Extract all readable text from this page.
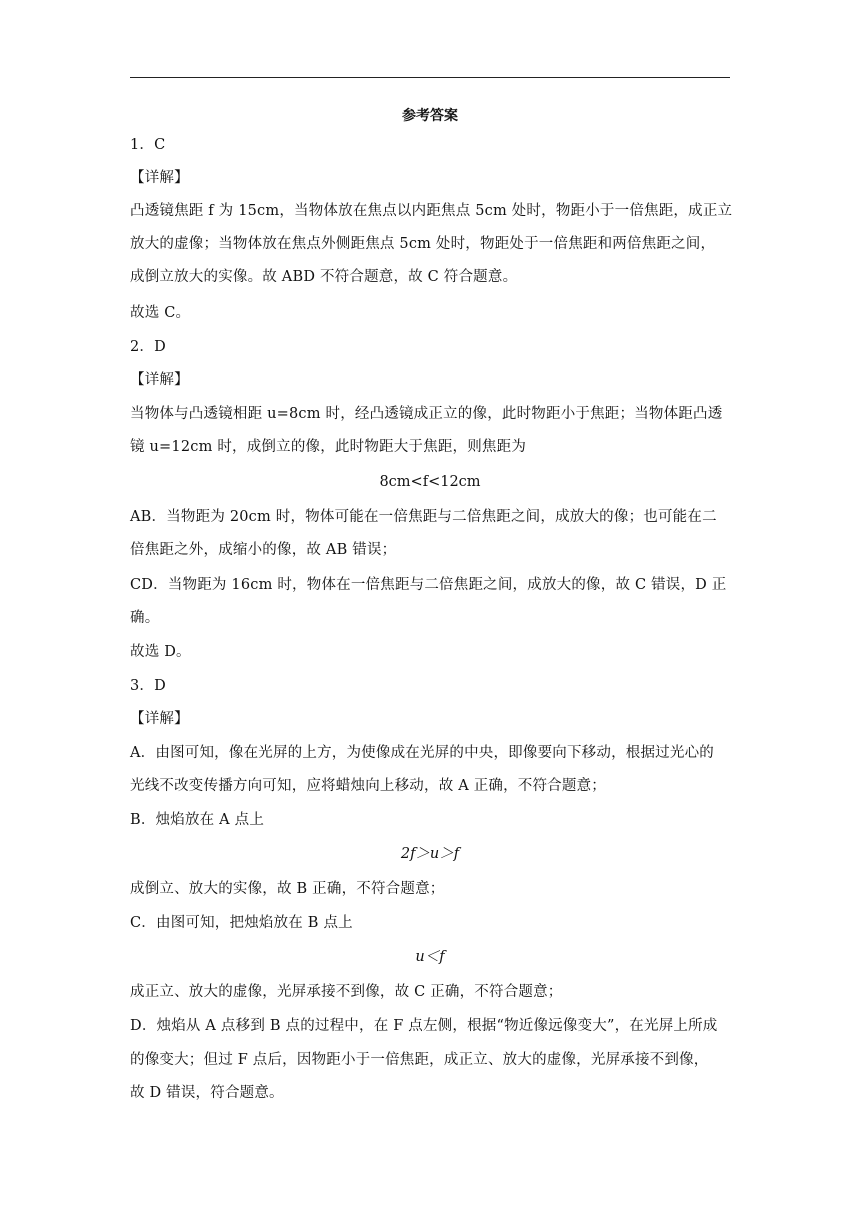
参考答案
1．C
【详解】
凸透镜焦距 f 为 15cm，当物体放在焦点以内距焦点 5cm 处时，物距小于一倍焦距，成正立
放大的虚像；当物体放在焦点外侧距焦点 5cm 处时，物距处于一倍焦距和两倍焦距之间，
成倒立放大的实像。故 ABD 不符合题意，故 C 符合题意。
故选 C。
2．D
【详解】
当物体与凸透镜相距 u=8cm 时，经凸透镜成正立的像，此时物距小于焦距；当物体距凸透
镜 u=12cm 时，成倒立的像，此时物距大于焦距，则焦距为
AB．当物距为 20cm 时，物体可能在一倍焦距与二倍焦距之间，成放大的像；也可能在二
倍焦距之外，成缩小的像，故 AB 错误；
CD．当物距为 16cm 时，物体在一倍焦距与二倍焦距之间，成放大的像，故 C 错误，D 正
确。
故选 D。
3．D
【详解】
A．由图可知，像在光屏的上方，为使像成在光屏的中央，即像要向下移动，根据过光心的
光线不改变传播方向可知，应将蜡烛向上移动，故 A 正确，不符合题意；
B．烛焰放在 A 点上
成倒立、放大的实像，故 B 正确，不符合题意；
C．由图可知，把烛焰放在 B 点上
成正立、放大的虚像，光屏承接不到像，故 C 正确，不符合题意；
D．烛焰从 A 点移到 B 点的过程中，在 F 点左侧，根据“物近像远像变大”，在光屏上所成
的像变大；但过 F 点后，因物距小于一倍焦距，成正立、放大的虚像，光屏承接不到像，
故 D 错误，符合题意。
8cm<f<12cm
2f＞u＞f
u＜f
